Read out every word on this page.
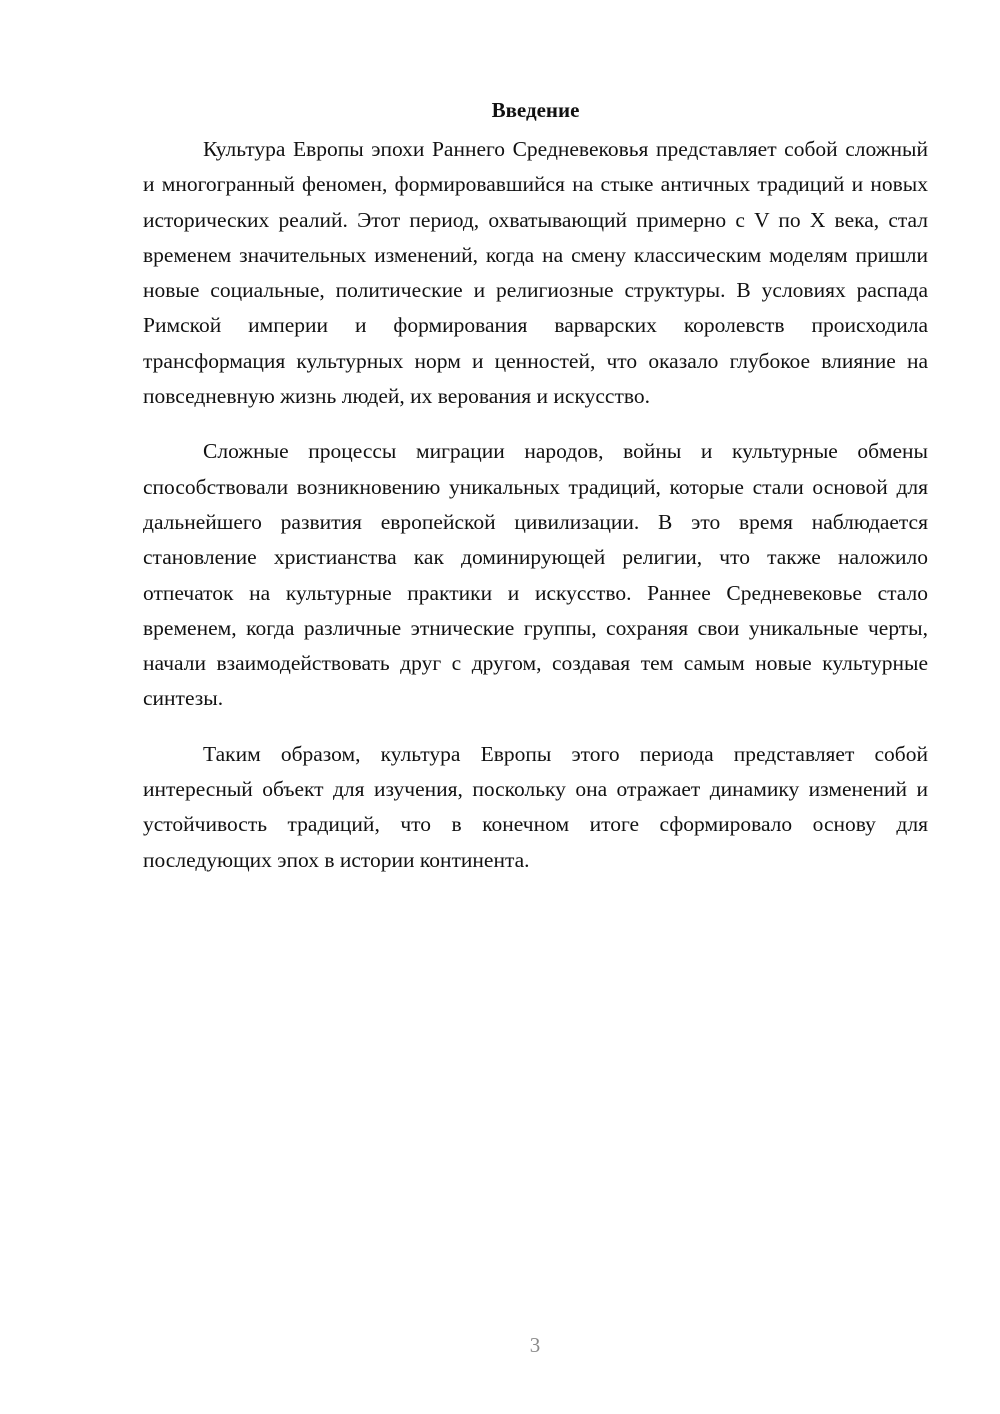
Введение

Культура Европы эпохи Раннего Средневековья представляет собой сложный и многогранный феномен, формировавшийся на стыке античных традиций и новых исторических реалий. Этот период, охватывающий примерно с V по X века, стал временем значительных изменений, когда на смену классическим моделям пришли новые социальные, политические и религиозные структуры. В условиях распада Римской империи и формирования варварских королевств происходила трансформация культурных норм и ценностей, что оказало глубокое влияние на повседневную жизнь людей, их верования и искусство.

Сложные процессы миграции народов, войны и культурные обмены способствовали возникновению уникальных традиций, которые стали основой для дальнейшего развития европейской цивилизации. В это время наблюдается становление христианства как доминирующей религии, что также наложило отпечаток на культурные практики и искусство. Раннее Средневековье стало временем, когда различные этнические группы, сохраняя свои уникальные черты, начали взаимодействовать друг с другом, создавая тем самым новые культурные синтезы.

Таким образом, культура Европы этого периода представляет собой интересный объект для изучения, поскольку она отражает динамику изменений и устойчивость традиций, что в конечном итоге сформировало основу для последующих эпох в истории континента.

3
